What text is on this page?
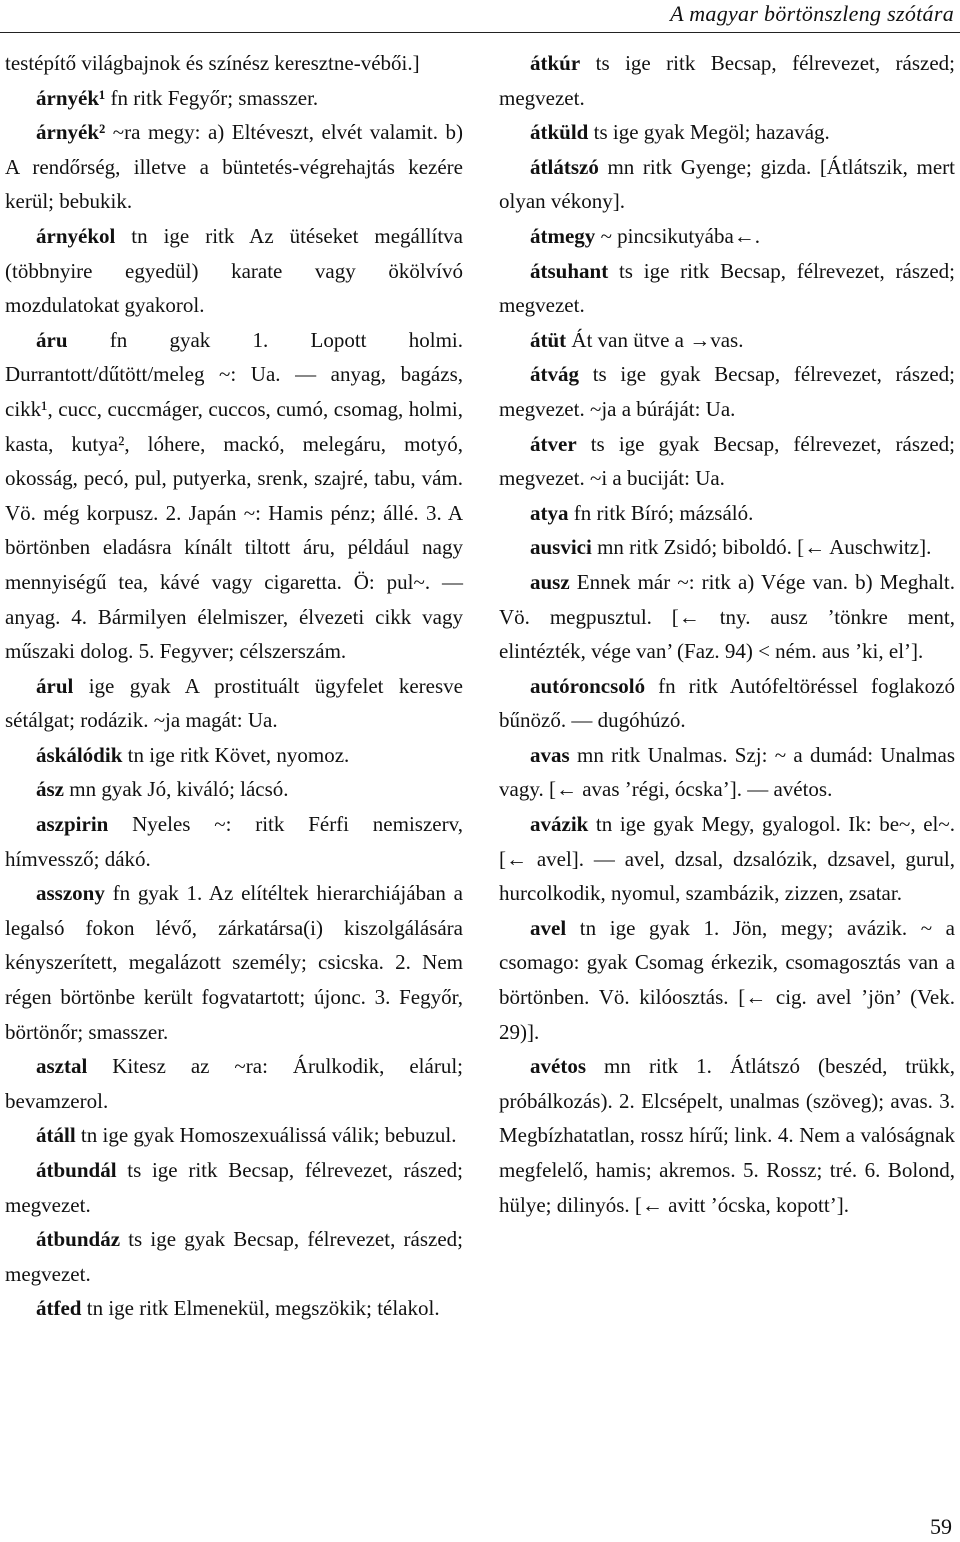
A magyar börtönszleng szótára

testépítő világbajnok és színész keresztne-vébői.]

árnyék¹ fn ritk Fegyőr; smasszer.

árnyék² ~ra megy: a) Eltéveszt, elvét valamit. b) A rendőrség, illetve a büntetés-végrehajtás kezére kerül; bebukik.

árnyékol tn ige ritk Az ütéseket megállítva (többnyire egyedül) karate vagy ökölvívó mozdulatokat gyakorol.

áru fn gyak 1. Lopott holmi. Durrantott/dűtött/meleg ~: Ua. — anyag, bagázs, cikk¹, cucc, cuccmáger, cuccos, cumó, csomag, holmi, kasta, kutya², lóhere, mackó, melegáru, motyó, okosság, pecó, pul, putyerka, srenk, szajré, tabu, vám. Vö. még korpusz. 2. Japán ~: Hamis pénz; állé. 3. A börtönben eladásra kínált tiltott áru, például nagy mennyiségű tea, kávé vagy cigaretta. Ö: pul~. — anyag. 4. Bármilyen élelmiszer, élvezeti cikk vagy műszaki dolog. 5. Fegyver; célszerszám.

árul ige gyak A prostituált ügyfelet keresve sétálgat; rodázik. ~ja magát: Ua.

áskálódik tn ige ritk Követ, nyomoz.

ász mn gyak Jó, kiváló; lácsó.

aszpirin Nyeles ~: ritk Férfi nemiszerv, hímvessző; dákó.

asszony fn gyak 1. Az elítéltek hierarchiájában a legalsó fokon lévő, zárkatársa(i) kiszolgálására kényszerített, megalázott személy; csicska. 2. Nem régen börtönbe került fogvatartott; újonc. 3. Fegyőr, börtönőr; smasszer.

asztal Kitesz az ~ra: Árulkodik, elárul; bevamzerol.

átáll tn ige gyak Homoszexuálissá válik; bebuzul.

átbundál ts ige ritk Becsap, félrevezet, rászed; megvezet.

átbundáz ts ige gyak Becsap, félrevezet, rászed; megvezet.

átfed tn ige ritk Elmenekül, megszökik; télakol.

átkúr ts ige ritk Becsap, félrevezet, rászed; megvezet.

átküld ts ige gyak Megöl; hazavág.

átlátszó mn ritk Gyenge; gizda. [Átlátszik, mert olyan vékony].

átmegy ~ pincsikutyába←.

átsuhant ts ige ritk Becsap, félrevezet, rászed; megvezet.

átüt Át van ütve a →vas.

átvág ts ige gyak Becsap, félrevezet, rászed; megvezet. ~ja a búráját: Ua.

átver ts ige gyak Becsap, félrevezet, rászed; megvezet. ~i a buciját: Ua.

atya fn ritk Bíró; mázsáló.

ausvici mn ritk Zsidó; biboldó. [← Auschwitz].

ausz Ennek már ~: ritk a) Vége van. b) Meghalt. Vö. megpusztul. [← tny. ausz ’tönkre ment, elintézték, vége van’ (Faz. 94) < ném. aus ’ki, el’].

autóroncsoló fn ritk Autófeltöréssel foglakozó bűnöző. — dugóhúzó.

avas mn ritk Unalmas. Szj: ~ a dumád: Unalmas vagy. [← avas ’régi, ócska’]. — avétos.

avázik tn ige gyak Megy, gyalogol. Ik: be~, el~. [← avel]. — avel, dzsal, dzsalózik, dzsavel, gurul, hurcolkodik, nyomul, szambázik, zizzen, zsatar.

avel tn ige gyak 1. Jön, megy; avázik. ~ a csomago: gyak Csomag érkezik, csomagosztás van a börtönben. Vö. kilóosztás. [← cig. avel ’jön’ (Vek. 29)].

avétos mn ritk 1. Átlátszó (beszéd, trükk, próbálkozás). 2. Elcsépelt, unalmas (szöveg); avas. 3. Megbízhatatlan, rossz hírű; link. 4. Nem a valóságnak megfelelő, hamis; akremos. 5. Rossz; tré. 6. Bolond, hülye; dilinyós. [← avitt ’ócska, kopott’].

59
